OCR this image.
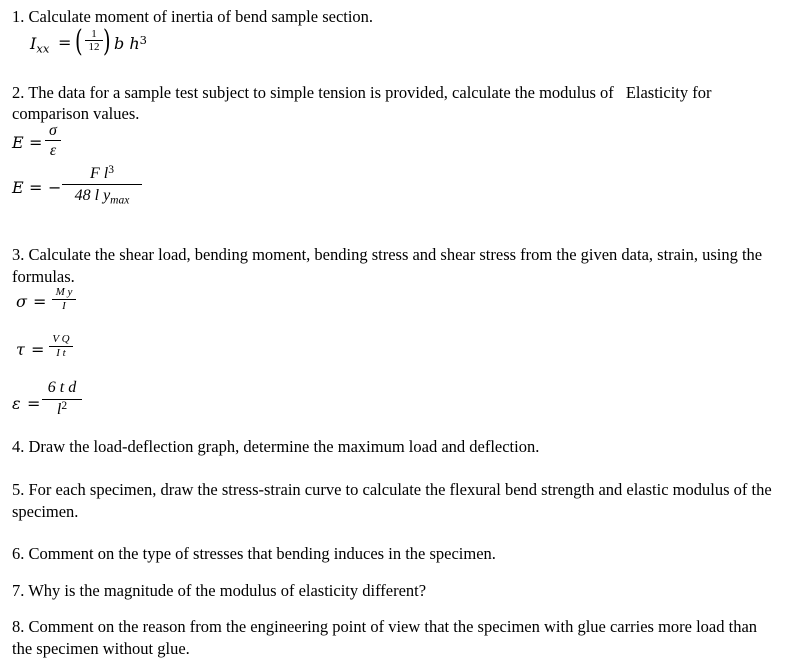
1. Calculate moment of inertia of bend sample section.
$I_{xx}$ = ( 1
12 ) b $h^3$
2. The data for a sample test subject to simple tension is provided, calculate the modulus of Elasticity for
comparison values.
E =
σ
ε
E = −
F $l^3$
48 l $y_{max}$
3. Calculate the shear load, bending moment, bending stress and shear stress from the given data, strain, using the formulas.
σ = M y
I
τ =
V Q
I t
ε =
6 t d
$l^2$
4. Draw the load-deflection graph, determine the maximum load and deflection.
5. For each specimen, draw the stress-strain curve to calculate the flexural bend strength and elastic modulus of the specimen.
6. Comment on the type of stresses that bending induces in the specimen.
7. Why is the magnitude of the modulus of elasticity different?
8. Comment on the reason from the engineering point of view that the specimen with glue carries more load than the specimen without glue.
